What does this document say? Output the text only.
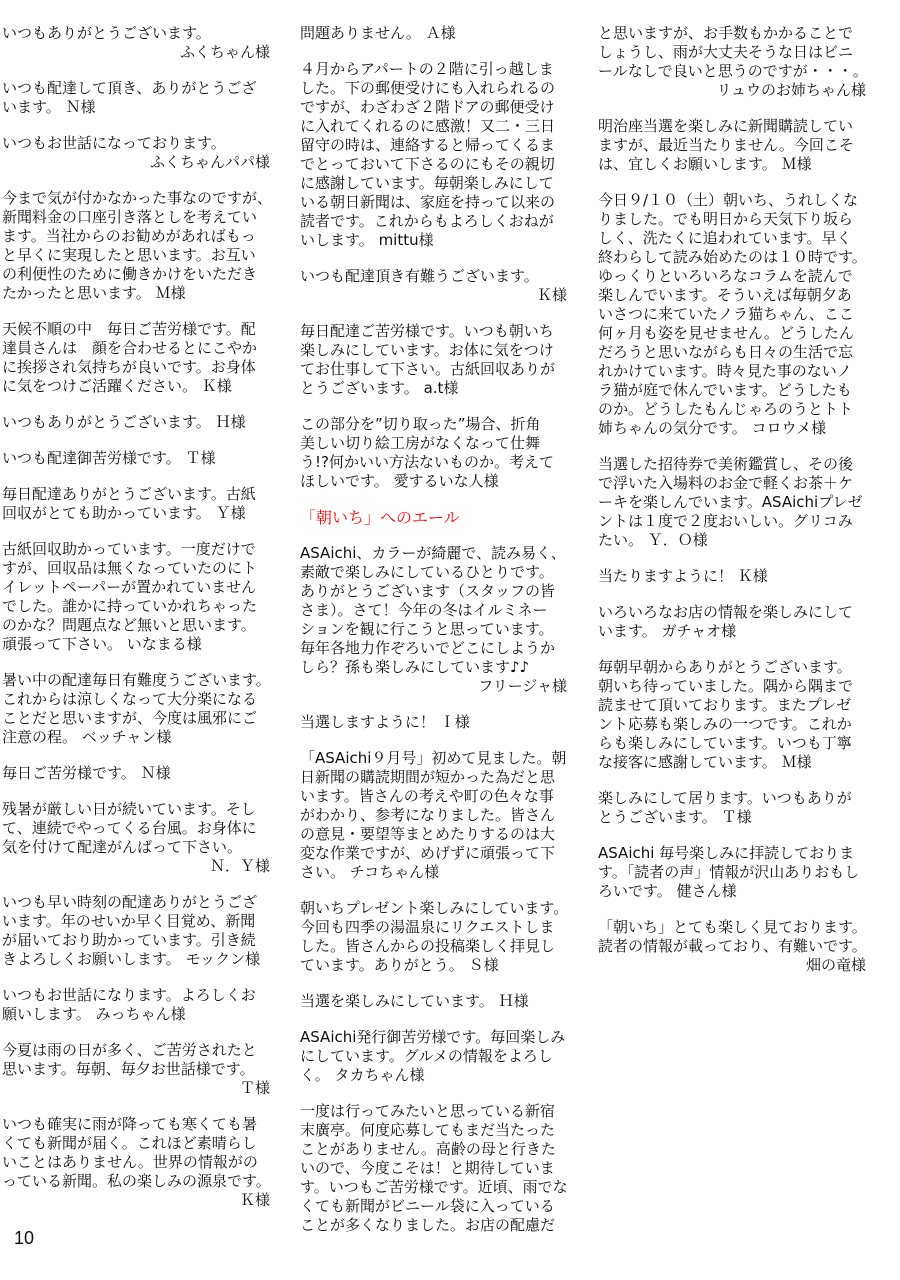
いつもありがとうございます。
ふくちゃん様
いつも配達して頂き、ありがとうござ
います。 Ｎ様
いつもお世話になっております。
ふくちゃんパパ様
今まで気が付かなかった事なのですが、
新聞料金の口座引き落としを考えてい
ます。当社からのお勧めがあればもっ
と早くに実現したと思います。お互い
の利便性のために働きかけをいただき
たかったと思います。 Ｍ様
天候不順の中　毎日ご苦労様です。配
達員さんは　顔を合わせるとにこやか
に挨拶され気持ちが良いです。お身体
に気をつけご活躍ください。 Ｋ様
いつもありがとうございます。 Ｈ様
いつも配達御苦労様です。 Ｔ様
毎日配達ありがとうございます。古紙
回収がとても助かっています。 Ｙ様
古紙回収助かっています。一度だけで
すが、回収品は無くなっていたのにト
イレットペーパーが置かれていません
でした。誰かに持っていかれちゃった
のかな？問題点など無いと思います。
頑張って下さい。 いなまる様
暑い中の配達毎日有難度うございます。
これからは涼しくなって大分楽になる
ことだと思いますが、今度は風邪にご
注意の程。 ベッチャン様
毎日ご苦労様です。 Ｎ様
残暑が厳しい日が続いています。そし
て、連続でやってくる台風。お身体に
気を付けて配達がんばって下さい。
Ｎ．Ｙ様
いつも早い時刻の配達ありがとうござ
います。年のせいか早く目覚め、新聞
が届いており助かっています。引き続
きよろしくお願いします。 モックン様
いつもお世話になります。よろしくお
願いします。 みっちゃん様
今夏は雨の日が多く、ご苦労されたと
思います。毎朝、毎夕お世話様です。
Ｔ様
いつも確実に雨が降っても寒くても暑
くても新聞が届く。これほど素晴らし
いことはありません。世界の情報がの
っている新聞。私の楽しみの源泉です。
Ｋ様
問題ありません。 Ａ様
４月からアパートの２階に引っ越しま
した。下の郵便受けにも入れられるの
ですが、わざわざ２階ドアの郵便受け
に入れてくれるのに感激！又二・三日
留守の時は、連絡すると帰ってくるま
でとっておいて下さるのにもその親切
に感謝しています。毎朝楽しみにして
いる朝日新聞は、家庭を持って以来の
読者です。これからもよろしくおねが
いします。 mittu様
いつも配達頂き有難うございます。
Ｋ様
毎日配達ご苦労様です。いつも朝いち
楽しみにしています。お体に気をつけ
てお仕事して下さい。古紙回収ありが
とうございます。 a.t様
この部分を”切り取った”場合、折角
美しい切り絵工房がなくなって仕舞
う!?何かいい方法ないものか。考えて
ほしいです。 愛するいな人様
「朝いち」へのエール
ASAichi、カラーが綺麗で、読み易く、
素敵で楽しみにしているひとりです。
ありがとうございます（スタッフの皆
さま）。さて！今年の冬はイルミネー
ションを観に行こうと思っています。
毎年各地力作ぞろいでどこにしようか
しら？孫も楽しみにしています♪♪
フリージャ様
当選しますように！ Ｉ様
「ASAichi９月号」初めて見ました。朝
日新聞の購読期間が短かった為だと思
います。皆さんの考えや町の色々な事
がわかり、参考になりました。皆さん
の意見・要望等まとめたりするのは大
変な作業ですが、めげずに頑張って下
さい。 チコちゃん様
朝いちプレゼント楽しみにしています。
今回も四季の湯温泉にリクエストしま
した。皆さんからの投稿楽しく拝見し
ています。ありがとう。 Ｓ様
当選を楽しみにしています。 Ｈ様
ASAichi発行御苦労様です。毎回楽しみ
にしています。グルメの情報をよろし
く。 タカちゃん様
一度は行ってみたいと思っている新宿
末廣亭。何度応募してもまだ当たった
ことがありません。高齢の母と行きた
いので、今度こそは！と期待していま
す。いつもご苦労様です。近頃、雨でな
くても新聞がビニール袋に入っている
ことが多くなりました。お店の配慮だ
と思いますが、お手数もかかることで
しょうし、雨が大丈夫そうな日はビニ
ールなしで良いと思うのですが・・・。
リュウのお姉ちゃん様
明治座当選を楽しみに新聞購読してい
ますが、最近当たりません。今回こそ
は、宜しくお願いします。 Ｍ様
今日９/１０（土）朝いち、うれしくな
りました。でも明日から天気下り坂ら
しく、洗たくに追われています。早く
終わらして読み始めたのは１０時です。
ゆっくりといろいろなコラムを読んで
楽しんでいます。そういえば毎朝夕あ
いさつに来ていたノラ猫ちゃん、ここ
何ヶ月も姿を見せません。どうしたん
だろうと思いながらも日々の生活で忘
れかけています。時々見た事のないノ
ラ猫が庭で休んでいます。どうしたも
のか。どうしたもんじゃろのうとトト
姉ちゃんの気分です。 コロウメ様
当選した招待券で美術鑑賞し、その後
で浮いた入場料のお金で軽くお茶＋ケ
ーキを楽しんでいます。ASAichiプレゼ
ントは１度で２度おいしい。グリコみ
たい。 Ｙ．Ｏ様
当たりますように！ Ｋ様
いろいろなお店の情報を楽しみにして
います。 ガチャオ様
毎朝早朝からありがとうございます。
朝いち待っていました。隅から隅まで
読ませて頂いております。またプレゼ
ント応募も楽しみの一つです。これか
らも楽しみにしています。いつも丁寧
な接客に感謝しています。 Ｍ様
楽しみにして居ります。いつもありが
とうございます。 Ｔ様
ASAichi 毎号楽しみに拝読しておりま
す。「読者の声」情報が沢山ありおもし
ろいです。 健さん様
「朝いち」とても楽しく見ております。
読者の情報が載っており、有難いです。
畑の竜様
10
